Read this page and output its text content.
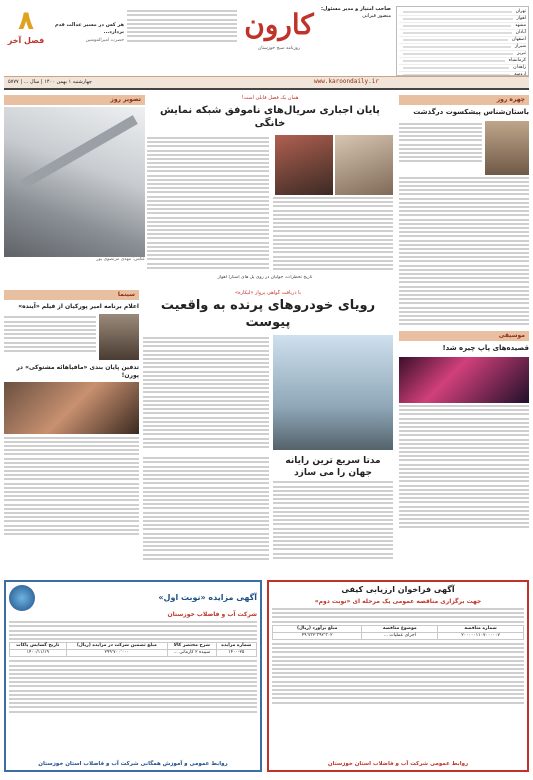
تهران
اهواز
مشهد
آبادان
اصفهان
شیراز
تبریز
کرمانشاه
زاهدان
ارومیه
صاحب امتیاز و مدیر مسئول:
منصور قبرانی
کارون
روزنامه صبح خوزستان
هر کس در مسیر عدالت قدم بردارد...
حضرت امیرالمومنین
۸
فصل آخر
www.karoondaily.ir
چهارشنبه ۱ بهمن ۱۴۰۰ | سال ... | ۵۷۷۷
چهره روز
باستان‌شناس پیشکسوت درگذشت
موسیقی
قصیده‌های پاپ چیره شد!
همان یک فصل قابلی است!
پایان اجباری سریال‌های نامو‌فق شبکه نمایش خانگی
تصویر روز
عکس: مهدی مرتضوی پور
تاریخ تخطرات، جولیان در روی پل های استارا اهواز
با دریافت گواهی پرواز «لیکاره»
رویای خودروهای پرنده به واقعیت پیوست
سینما
اعلام برنامه امیر پورکیان از فیلم «آینده»
تدفین پایان بندی «مافیاهائه مشتوکی» در پورن!
مدتا سریع ترین رایانه جهان را می سازد
آگهی فراخوان ارزیابی کیفی
جهت برگزاری مناقصه عمومی یک مرحله ای «نوبت دوم»
شماره مناقصه	موضوع مناقصه	مبلغ برآورد (ریال)
۲۰۰۰۰۰۱۱۰۷۰۰۰۰۰۷	اجرای عملیات ...	۴۹٬۷۳۲٬۳۹۲٬۳۰۲
روابط عمومی شرکت آب و فاضلاب استان خوزستان
آگهی مزایده «نوبت اول»
شرکت آب و فاضلاب خوزستان
شماره مزایده	شرح مختصر کالا	مبلغ تضمین شرکت در مزایده (ریال)	تاریخ گشایش پاکات
۱۴۰۰-۲۵	سپیده ۲ کارمانی ...	۲۹۹٬۷۰۰٬۰۰۰	۱۴۰۰/۱۱/۱۹
روابط عمومی و آموزش همگانی شرکت آب و فاضلاب استان خوزستان
